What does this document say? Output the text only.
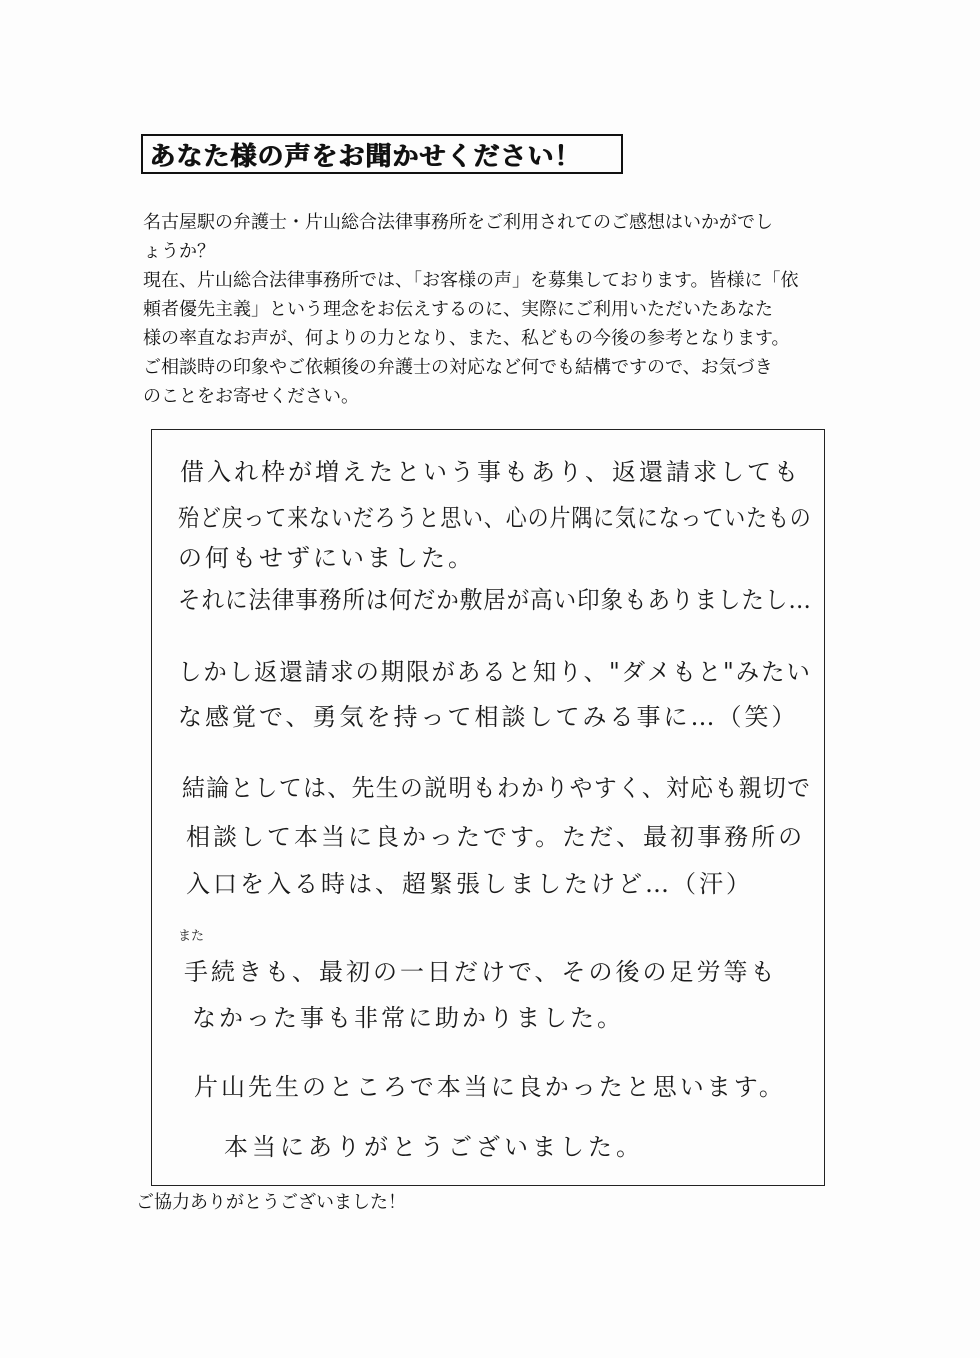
あなた様の声をお聞かせください！
名古屋駅の弁護士・片山総合法律事務所をご利用されてのご感想はいかがでし
ょうか？
現在、片山総合法律事務所では、「お客様の声」を募集しております。皆様に「依
頼者優先主義」という理念をお伝えするのに、実際にご利用いただいたあなた
様の率直なお声が、何よりの力となり、また、私どもの今後の参考となります。
ご相談時の印象やご依頼後の弁護士の対応など何でも結構ですので、お気づき
のことをお寄せください。
借入れ枠が増えたという事もあり、返還請求しても
殆ど戻って来ないだろうと思い、心の片隅に気になっていたもの
の何もせずにいました。
それに法律事務所は何だか敷居が高い印象もありましたし…
しかし返還請求の期限があると知り、"ダメもと"みたい
な感覚で、勇気を持って相談してみる事に…（笑）
結論としては、先生の説明もわかりやすく、対応も親切で
相談して本当に良かったです。ただ、最初事務所の
入口を入る時は、超緊張しましたけど…（汗）
また
手続きも、最初の一日だけで、その後の足労等も
なかった事も非常に助かりました。
片山先生のところで本当に良かったと思います。
本当にありがとうございました。
ご協力ありがとうございました！
